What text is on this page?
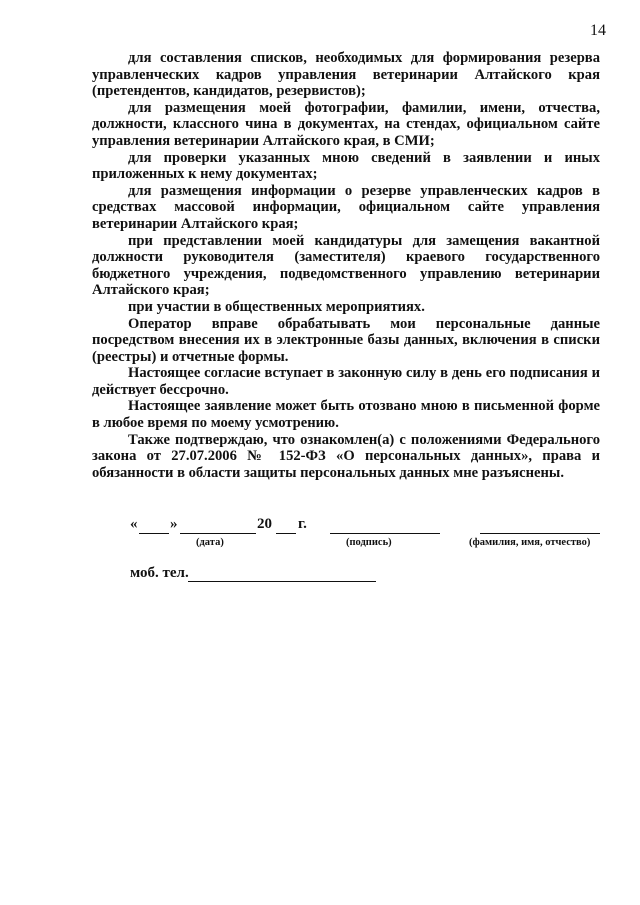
14

для составления списков, необходимых для формирования резерва управленческих кадров управления ветеринарии Алтайского края (претендентов, кандидатов, резервистов);

для размещения моей фотографии, фамилии, имени, отчества, должности, классного чина в документах, на стендах, официальном сайте управления ветеринарии Алтайского края, в СМИ;

для проверки указанных мною сведений в заявлении и иных приложенных к нему документах;

для размещения информации о резерве управленческих кадров в средствах массовой информации, официальном сайте управления ветеринарии Алтайского края;

при представлении моей кандидатуры для замещения вакантной должности руководителя (заместителя) краевого государственного бюджетного учреждения, подведомственного управлению ветеринарии Алтайского края;

при участии в общественных мероприятиях.

Оператор вправе обрабатывать мои персональные данные посредством внесения их в электронные базы данных, включения в списки (реестры) и отчетные формы.

Настоящее согласие вступает в законную силу в день его подписания и действует бессрочно.

Настоящее заявление может быть отозвано мною в письменной форме в любое время по моему усмотрению.

Также подтверждаю, что ознакомлен(а) с положениями Федерального закона от 27.07.2006 № 152-ФЗ «О персональных данных», права и обязанности в области защиты персональных данных мне разъяснены.

« »	20 г.
(дата)	(подпись)	(фамилия, имя, отчество)
моб. тел.
